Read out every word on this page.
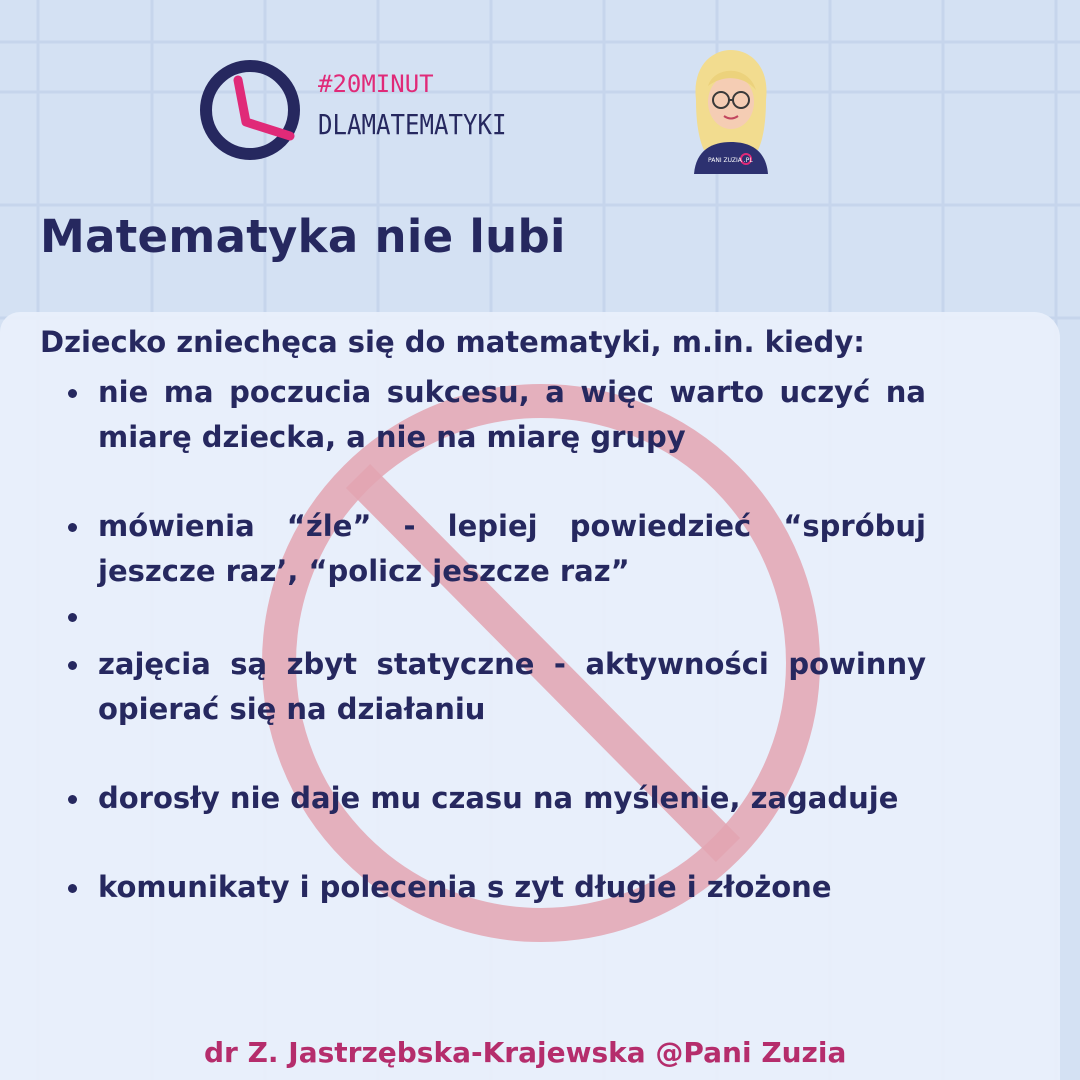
#20MINUT
DLAMATEMATYKI
PANI ZUZIA .PL
Matematyka nie lubi
Dziecko zniechęca się do matematyki, m.in. kiedy:
nie ma poczucia sukcesu, a więc warto uczyć na miarę dziecka, a nie na miarę grupy
mówienia “źle” - lepiej powiedzieć “spróbuj jeszcze raz’, “policz jeszcze raz”
zajęcia są zbyt statyczne - aktywności powinny opierać się na działaniu
dorosły nie daje mu czasu na myślenie, zagaduje
komunikaty i polecenia s zyt długie i złożone
dr Z. Jastrzębska-Krajewska @Pani Zuzia
